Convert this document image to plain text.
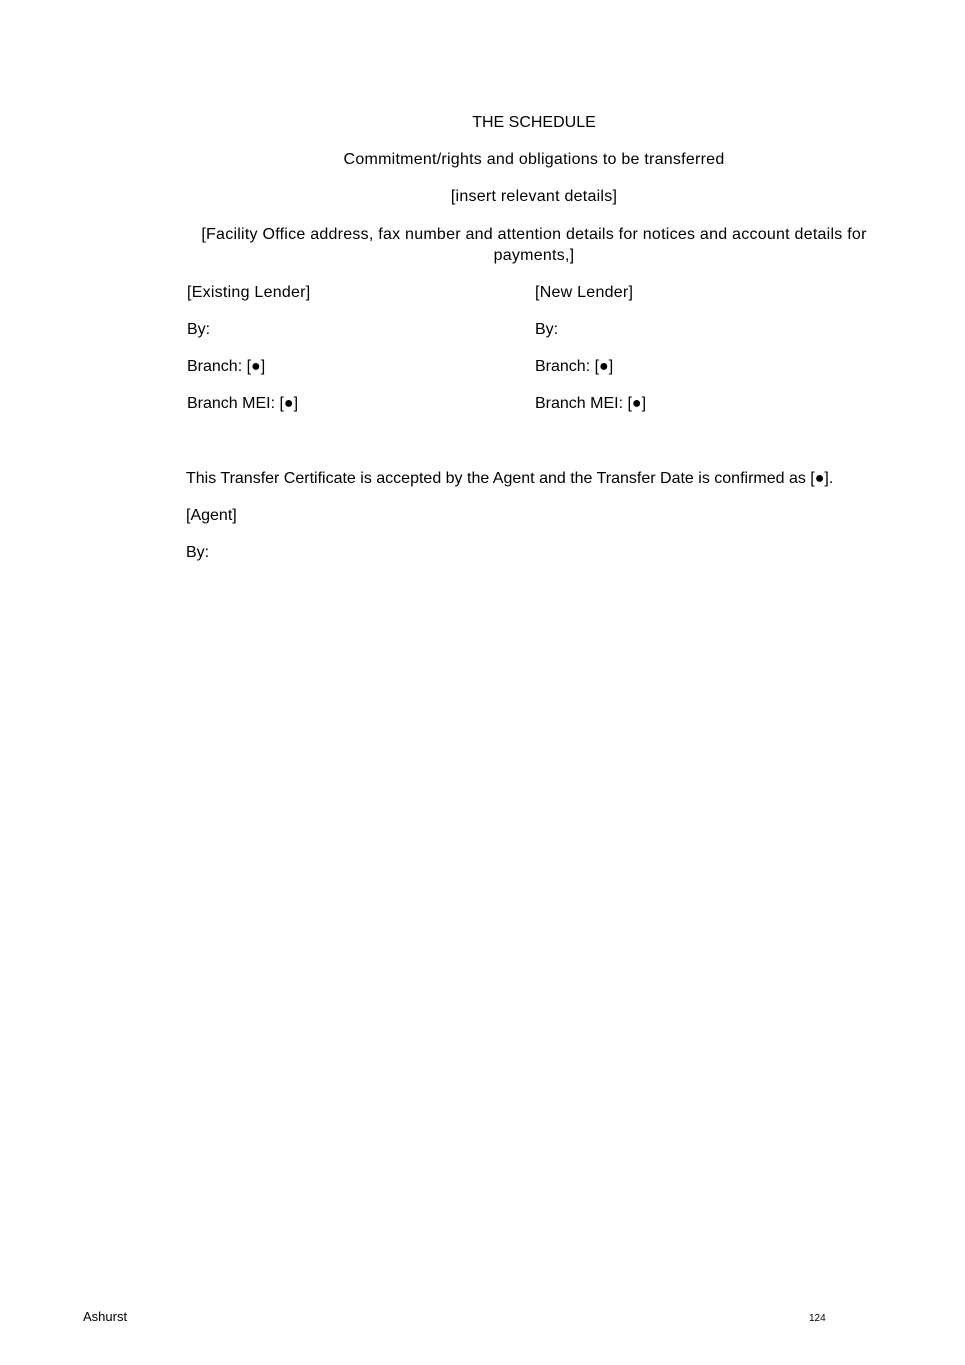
THE SCHEDULE
Commitment/rights and obligations to be transferred
[insert relevant details]
[Facility Office address, fax number and attention details for notices and account details for payments,]
[Existing Lender]
By:
Branch: [●]
Branch MEI: [●]
[New Lender]
By:
Branch: [●]
Branch MEI: [●]
This Transfer Certificate is accepted by the Agent and the Transfer Date is confirmed as [●].
[Agent]
By:
Ashurst	124
